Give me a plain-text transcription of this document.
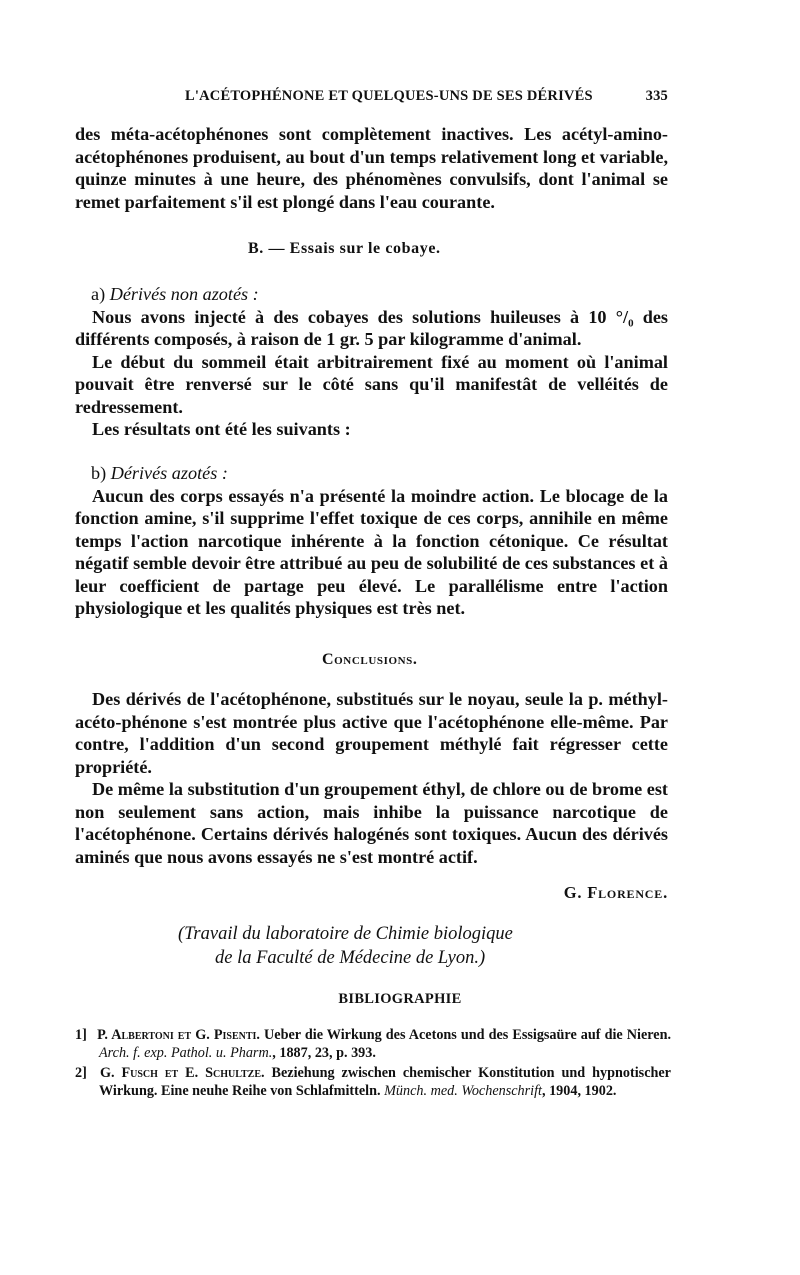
L'ACÉTOPHÉNONE ET QUELQUES-UNS DE SES DÉRIVÉS	335

des méta-acétophénones sont complètement inactives. Les acétyl-amino-acétophénones produisent, au bout d'un temps relativement long et variable, quinze minutes à une heure, des phénomènes convulsifs, dont l'animal se remet parfaitement s'il est plongé dans l'eau courante.

B. — Essais sur le cobaye.

a) Dérivés non azotés :

Nous avons injecté à des cobayes des solutions huileuses à 10 °/₀ des différents composés, à raison de 1 gr. 5 par kilogramme d'animal.

Le début du sommeil était arbitrairement fixé au moment où l'animal pouvait être renversé sur le côté sans qu'il manifestât de velléités de redressement.

Les résultats ont été les suivants :

b) Dérivés azotés :

Aucun des corps essayés n'a présenté la moindre action. Le blocage de la fonction amine, s'il supprime l'effet toxique de ces corps, annihile en même temps l'action narcotique inhérente à la fonction cétonique. Ce résultat négatif semble devoir être attribué au peu de solubilité de ces substances et à leur coefficient de partage peu élevé. Le parallélisme entre l'action physiologique et les qualités physiques est très net.

Conclusions.

Des dérivés de l'acétophénone, substitués sur le noyau, seule la p. méthyl-acéto-phénone s'est montrée plus active que l'acétophénone elle-même. Par contre, l'addition d'un second groupement méthylé fait régresser cette propriété.

De même la substitution d'un groupement éthyl, de chlore ou de brome est non seulement sans action, mais inhibe la puissance narcotique de l'acétophénone. Certains dérivés halogénés sont toxiques. Aucun des dérivés aminés que nous avons essayés ne s'est montré actif.

G. Florence.
(Travail du laboratoire de Chimie biologique
de la Faculté de Médecine de Lyon.)
BIBLIOGRAPHIE

1] P. Albertoni et G. Pisenti. Ueber die Wirkung des Acetons und des Essigsaüre auf die Nieren. Arch. f. exp. Pathol. u. Pharm., 1887, 23, p. 393.

2] G. Fusch et E. Schultze. Beziehung zwischen chemischer Konstitution und hypnotischer Wirkung. Eine neuhe Reihe von Schlafmitteln. Münch. med. Wochenschrift, 1904, 1902.
